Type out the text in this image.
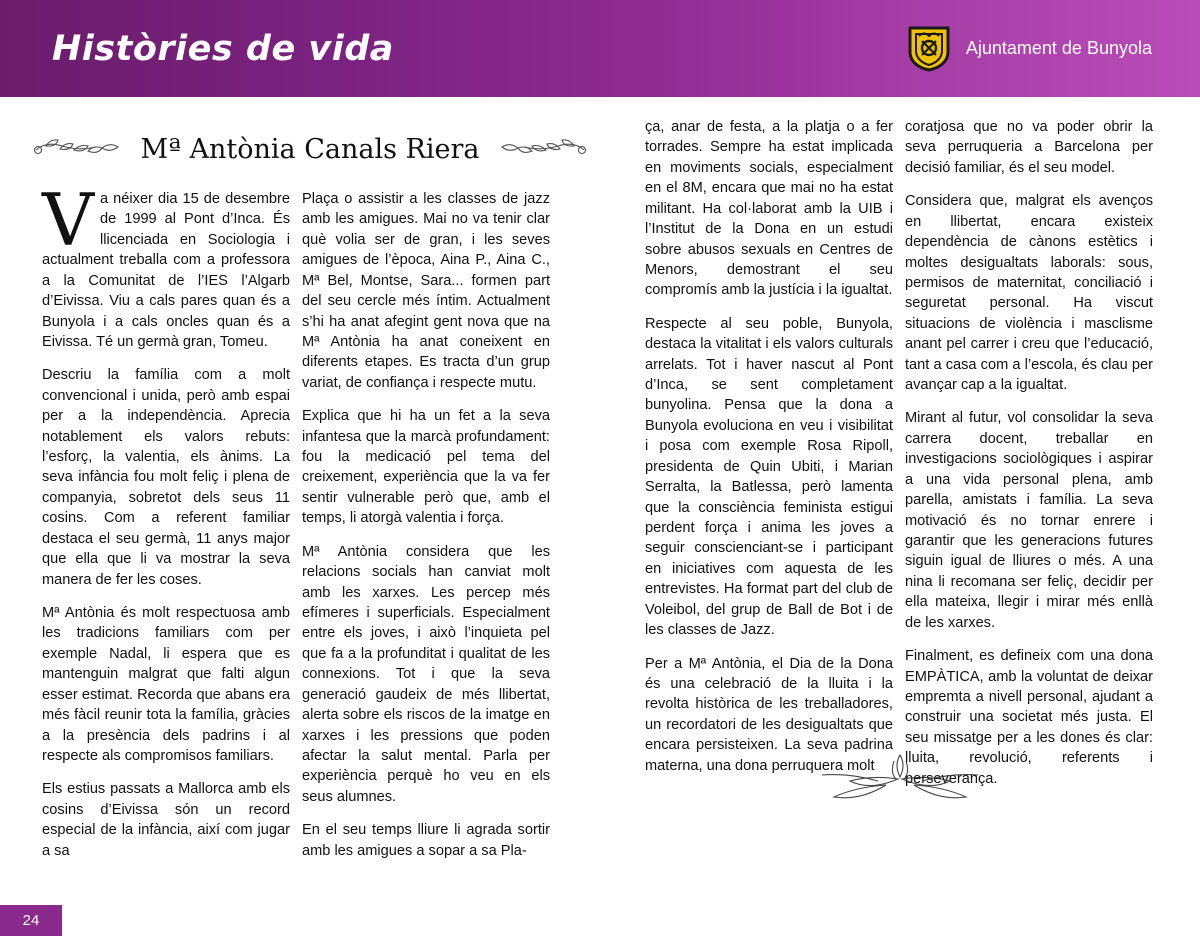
Històries de vida	Ajuntament de Bunyola
Mª Antònia Canals Riera

V a néixer dia 15 de desembre de 1999 al Pont d’Inca. És llicenciada en Sociologia i actualment treballa com a professora a la Comunitat de l’IES l’Algarb d’Eivissa. Viu a cals pares quan és a Bunyola i a cals oncles quan és a Eivissa. Té un germà gran, Tomeu.

Descriu la família com a molt convencional i unida, però amb espai per a la independència. Aprecia notablement els valors rebuts: l’esforç, la valentia, els ànims. La seva infància fou molt feliç i plena de companyia, sobretot dels seus 11 cosins. Com a referent familiar destaca el seu germà, 11 anys major que ella que li va mostrar la seva manera de fer les coses.

Mª Antònia és molt respectuosa amb les tradicions familiars com per exemple Nadal, li espera que es mantenguin malgrat que falti algun esser estimat. Recorda que abans era més fàcil reunir tota la família, gràcies a la presència dels padrins i al respecte als compromisos familiars.

Els estius passats a Mallorca amb els cosins d’Eivissa són un record especial de la infància, així com jugar a sa

Plaça o assistir a les classes de jazz amb les amigues. Mai no va tenir clar què volia ser de gran, i les seves amigues de l’època, Aina P., Aina C., Mª Bel, Montse, Sara... formen part del seu cercle més íntim. Actualment s’hi ha anat afegint gent nova que na Mª Antònia ha anat coneixent en diferents etapes. Es tracta d’un grup variat, de confiança i respecte mutu.

Explica que hi ha un fet a la seva infantesa que la marcà profundament: fou la medicació pel tema del creixement, experiència que la va fer sentir vulnerable però que, amb el temps, li atorgà valentia i força.

Mª Antònia considera que les relacions socials han canviat molt amb les xarxes. Les percep més efímeres i superficials. Especialment entre els joves, i això l’inquieta pel que fa a la profunditat i qualitat de les connexions. Tot i que la seva generació gaudeix de més llibertat, alerta sobre els riscos de la imatge en xarxes i les pressions que poden afectar la salut mental. Parla per experiència perquè ho veu en els seus alumnes.

En el seu temps lliure li agrada sortir amb les amigues a sopar a sa Pla-

ça, anar de festa, a la platja o a fer torrades. Sempre ha estat implicada en moviments socials, especialment en el 8M, encara que mai no ha estat militant. Ha col·laborat amb la UIB i l’Institut de la Dona en un estudi sobre abusos sexuals en Centres de Menors, demostrant el seu compromís amb la justícia i la igualtat.

Respecte al seu poble, Bunyola, destaca la vitalitat i els valors culturals arrelats. Tot i haver nascut al Pont d’Inca, se sent completament bunyolina. Pensa que la dona a Bunyola evoluciona en veu i visibilitat i posa com exemple Rosa Ripoll, presidenta de Quin Ubiti, i Marian Serralta, la Batlessa, però lamenta que la consciència feminista estigui perdent força i anima les joves a seguir conscienciant-se i participant en iniciatives com aquesta de les entrevistes. Ha format part del club de Voleibol, del grup de Ball de Bot i de les classes de Jazz.

Per a Mª Antònia, el Dia de la Dona és una celebració de la lluita i la revolta històrica de les treballadores, un recordatori de les desigualtats que encara persisteixen. La seva padrina materna, una dona perruquera molt

coratjosa que no va poder obrir la seva perruqueria a Barcelona per decisió familiar, és el seu model.

Considera que, malgrat els avenços en llibertat, encara existeix dependència de cànons estètics i moltes desigualtats laborals: sous, permisos de maternitat, conciliació i seguretat personal. Ha viscut situacions de violència i masclisme anant pel carrer i creu que l’educació, tant a casa com a l’escola, és clau per avançar cap a la igualtat.

Mirant al futur, vol consolidar la seva carrera docent, treballar en investigacions sociològiques i aspirar a una vida personal plena, amb parella, amistats i família. La seva motivació és no tornar enrere i garantir que les generacions futures siguin igual de lliures o més. A una nina li recomana ser feliç, decidir per ella mateixa, llegir i mirar més enllà de les xarxes.

Finalment, es defineix com una dona EMPÀTICA, amb la voluntat de deixar empremta a nivell personal, ajudant a construir una societat més justa. El seu missatge per a les dones és clar: lluita, revolució, referents i perseverança.

24
